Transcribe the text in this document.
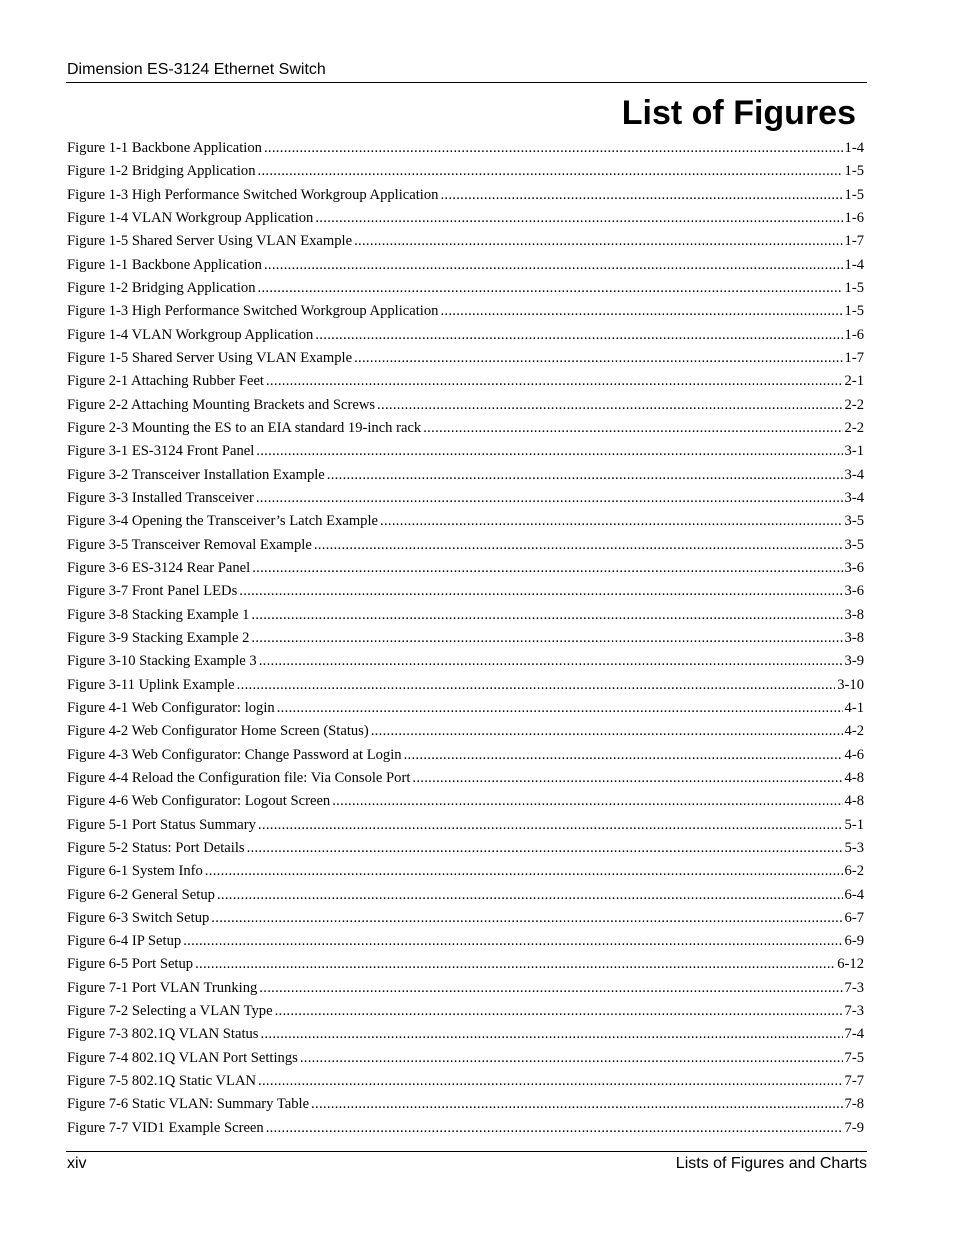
Dimension ES-3124 Ethernet Switch
List of Figures
Figure 1-1 Backbone Application .....	1-4
Figure 1-2 Bridging Application .....	1-5
Figure 1-3 High Performance Switched Workgroup Application .....	1-5
Figure 1-4 VLAN Workgroup Application .....	1-6
Figure 1-5 Shared Server Using VLAN Example .....	1-7
Figure 1-1 Backbone Application .....	1-4
Figure 1-2 Bridging Application .....	1-5
Figure 1-3 High Performance Switched Workgroup Application .....	1-5
Figure 1-4 VLAN Workgroup Application .....	1-6
Figure 1-5 Shared Server Using VLAN Example .....	1-7
Figure 2-1 Attaching Rubber Feet .....	2-1
Figure 2-2 Attaching Mounting Brackets and Screws .....	2-2
Figure 2-3 Mounting the ES to an EIA standard 19-inch rack .....	2-2
Figure 3-1 ES-3124 Front Panel .....	3-1
Figure 3-2 Transceiver Installation Example .....	3-4
Figure 3-3 Installed Transceiver .....	3-4
Figure 3-4 Opening the Transceiver’s Latch Example .....	3-5
Figure 3-5 Transceiver Removal Example .....	3-5
Figure 3-6 ES-3124 Rear Panel .....	3-6
Figure 3-7 Front Panel LEDs .....	3-6
Figure 3-8 Stacking Example 1 .....	3-8
Figure 3-9 Stacking Example 2 .....	3-8
Figure 3-10 Stacking Example 3 .....	3-9
Figure 3-11 Uplink Example .....	3-10
Figure 4-1 Web Configurator: login .....	4-1
Figure 4-2 Web Configurator Home Screen (Status) .....	4-2
Figure 4-3 Web Configurator: Change Password at Login .....	4-6
Figure 4-4 Reload the Configuration file: Via Console Port .....	4-8
Figure 4-6 Web Configurator: Logout Screen .....	4-8
Figure 5-1 Port Status Summary .....	5-1
Figure 5-2 Status: Port Details .....	5-3
Figure 6-1 System Info .....	6-2
Figure 6-2 General Setup .....	6-4
Figure 6-3 Switch Setup .....	6-7
Figure 6-4 IP Setup .....	6-9
Figure 6-5 Port Setup .....	6-12
Figure 7-1 Port VLAN Trunking .....	7-3
Figure 7-2 Selecting a VLAN Type .....	7-3
Figure 7-3 802.1Q VLAN Status .....	7-4
Figure 7-4 802.1Q VLAN Port Settings .....	7-5
Figure 7-5 802.1Q Static VLAN .....	7-7
Figure 7-6 Static VLAN: Summary Table .....	7-8
Figure 7-7 VID1 Example Screen .....	7-9
xiv	Lists of Figures and Charts
